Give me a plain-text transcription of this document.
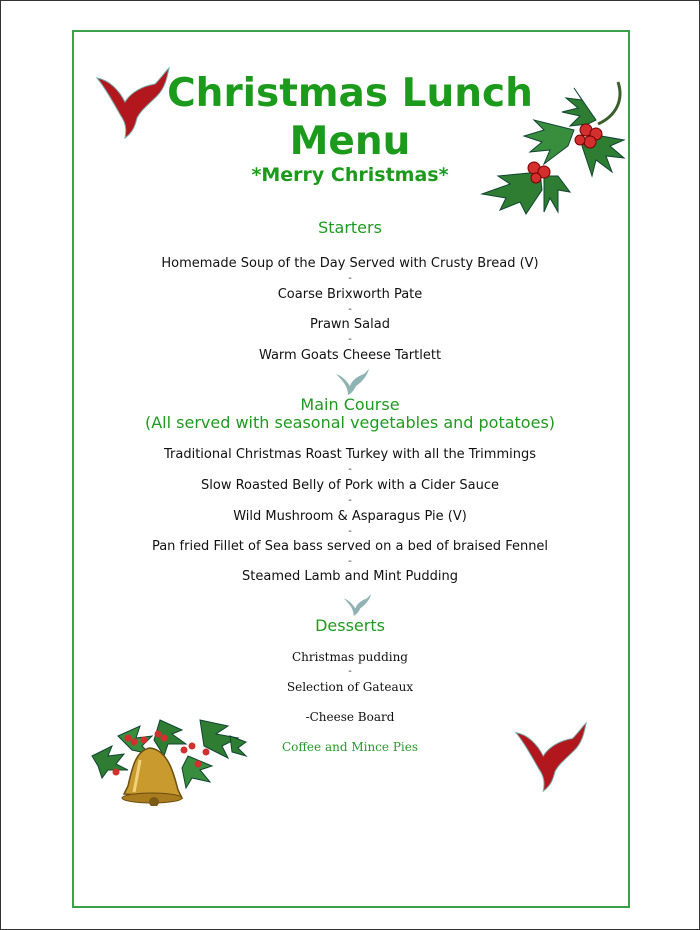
Christmas Lunch
Menu
*Merry Christmas*
Starters
Homemade Soup of the Day Served with Crusty Bread (V)
-
Coarse Brixworth Pate
-
Prawn Salad
-
Warm Goats Cheese Tartlett
Main Course
(All served with seasonal vegetables and potatoes)
Traditional Christmas Roast Turkey with all the Trimmings
-
Slow Roasted Belly of Pork with a Cider Sauce
-
Wild Mushroom & Asparagus Pie (V)
-
Pan fried Fillet of Sea bass served on a bed of braised Fennel
-
Steamed Lamb and Mint Pudding
Desserts
Christmas pudding
-
Selection of Gateaux
-Cheese Board
Coffee and Mince Pies
